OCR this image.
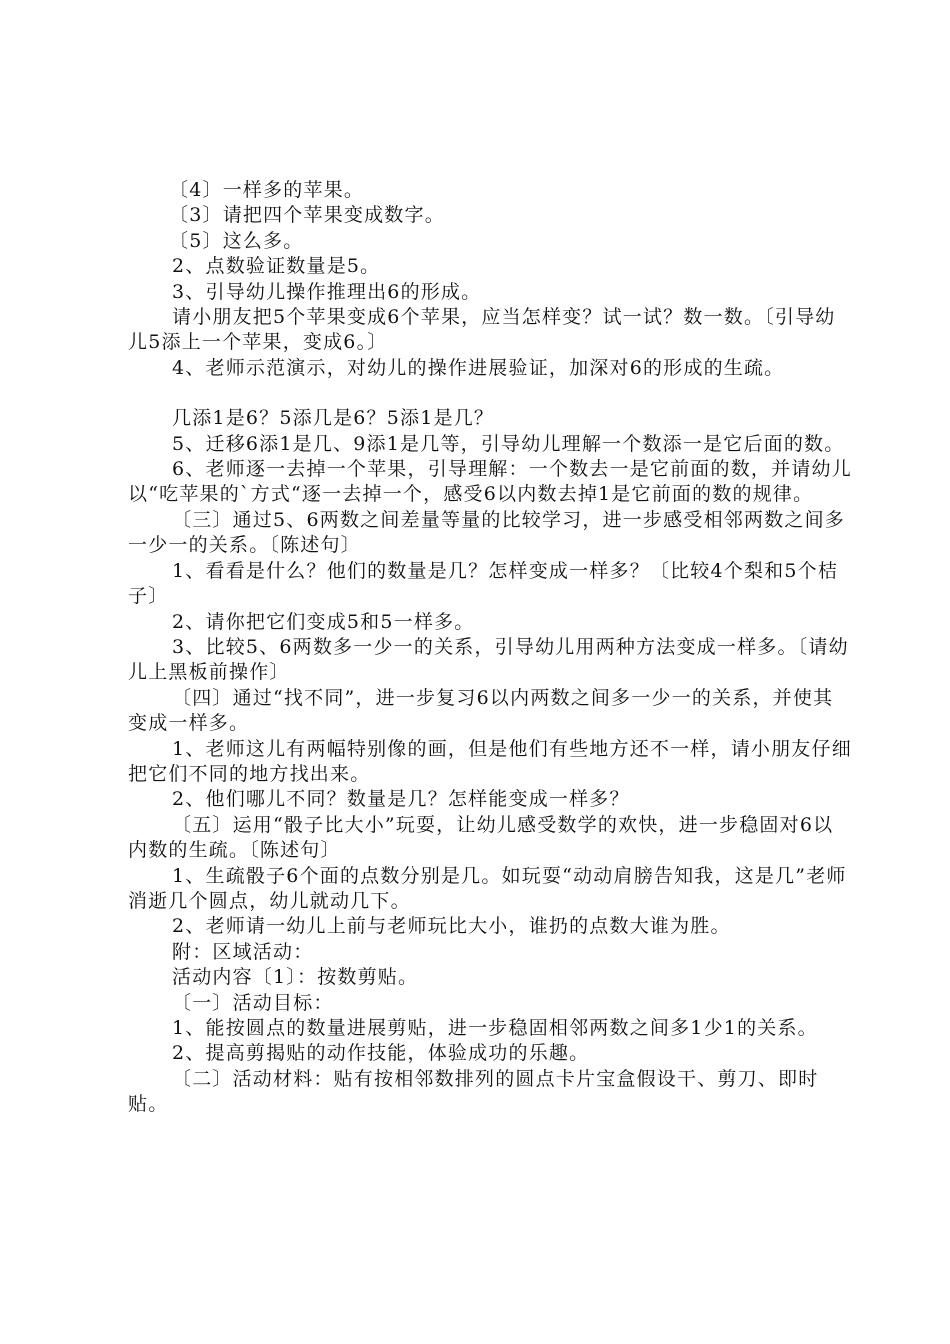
〔4〕一样多的苹果。

〔3〕请把四个苹果变成数字。

〔5〕这么多。

2、点数验证数量是5。

3、引导幼儿操作推理出6的形成。

请小朋友把5个苹果变成6个苹果，应当怎样变？试一试？数一数。〔引导幼儿5添上一个苹果，变成6。〕

4、老师示范演示，对幼儿的操作进展验证，加深对6的形成的生疏。

几添1是6？5添几是6？5添1是几？

5、迁移6添1是几、9添1是几等，引导幼儿理解一个数添一是它后面的数。

6、老师逐一去掉一个苹果，引导理解：一个数去一是它前面的数，并请幼儿以“吃苹果的`方式“逐一去掉一个，感受6以内数去掉1是它前面的数的规律。

〔三〕通过5、6两数之间差量等量的比较学习，进一步感受相邻两数之间多一少一的关系。〔陈述句〕

1、看看是什么？他们的数量是几？怎样变成一样多？〔比较4个梨和5个桔子〕

2、请你把它们变成5和5一样多。

3、比较5、6两数多一少一的关系，引导幼儿用两种方法变成一样多。〔请幼儿上黑板前操作〕

〔四〕通过“找不同”，进一步复习6以内两数之间多一少一的关系，并使其变成一样多。

1、老师这儿有两幅特别像的画，但是他们有些地方还不一样，请小朋友仔细把它们不同的地方找出来。

2、他们哪儿不同？数量是几？怎样能变成一样多？

〔五〕运用“骰子比大小”玩耍，让幼儿感受数学的欢快，进一步稳固对6以内数的生疏。〔陈述句〕

1、生疏骰子6个面的点数分别是几。如玩耍“动动肩膀告知我，这是几”老师消逝几个圆点，幼儿就动几下。

2、老师请一幼儿上前与老师玩比大小，谁扔的点数大谁为胜。

附：区域活动：

活动内容〔1〕：按数剪贴。

〔一〕活动目标：

1、能按圆点的数量进展剪贴，进一步稳固相邻两数之间多1少1的关系。

2、提高剪揭贴的动作技能，体验成功的乐趣。

〔二〕活动材料：贴有按相邻数排列的圆点卡片宝盒假设干、剪刀、即时贴。
